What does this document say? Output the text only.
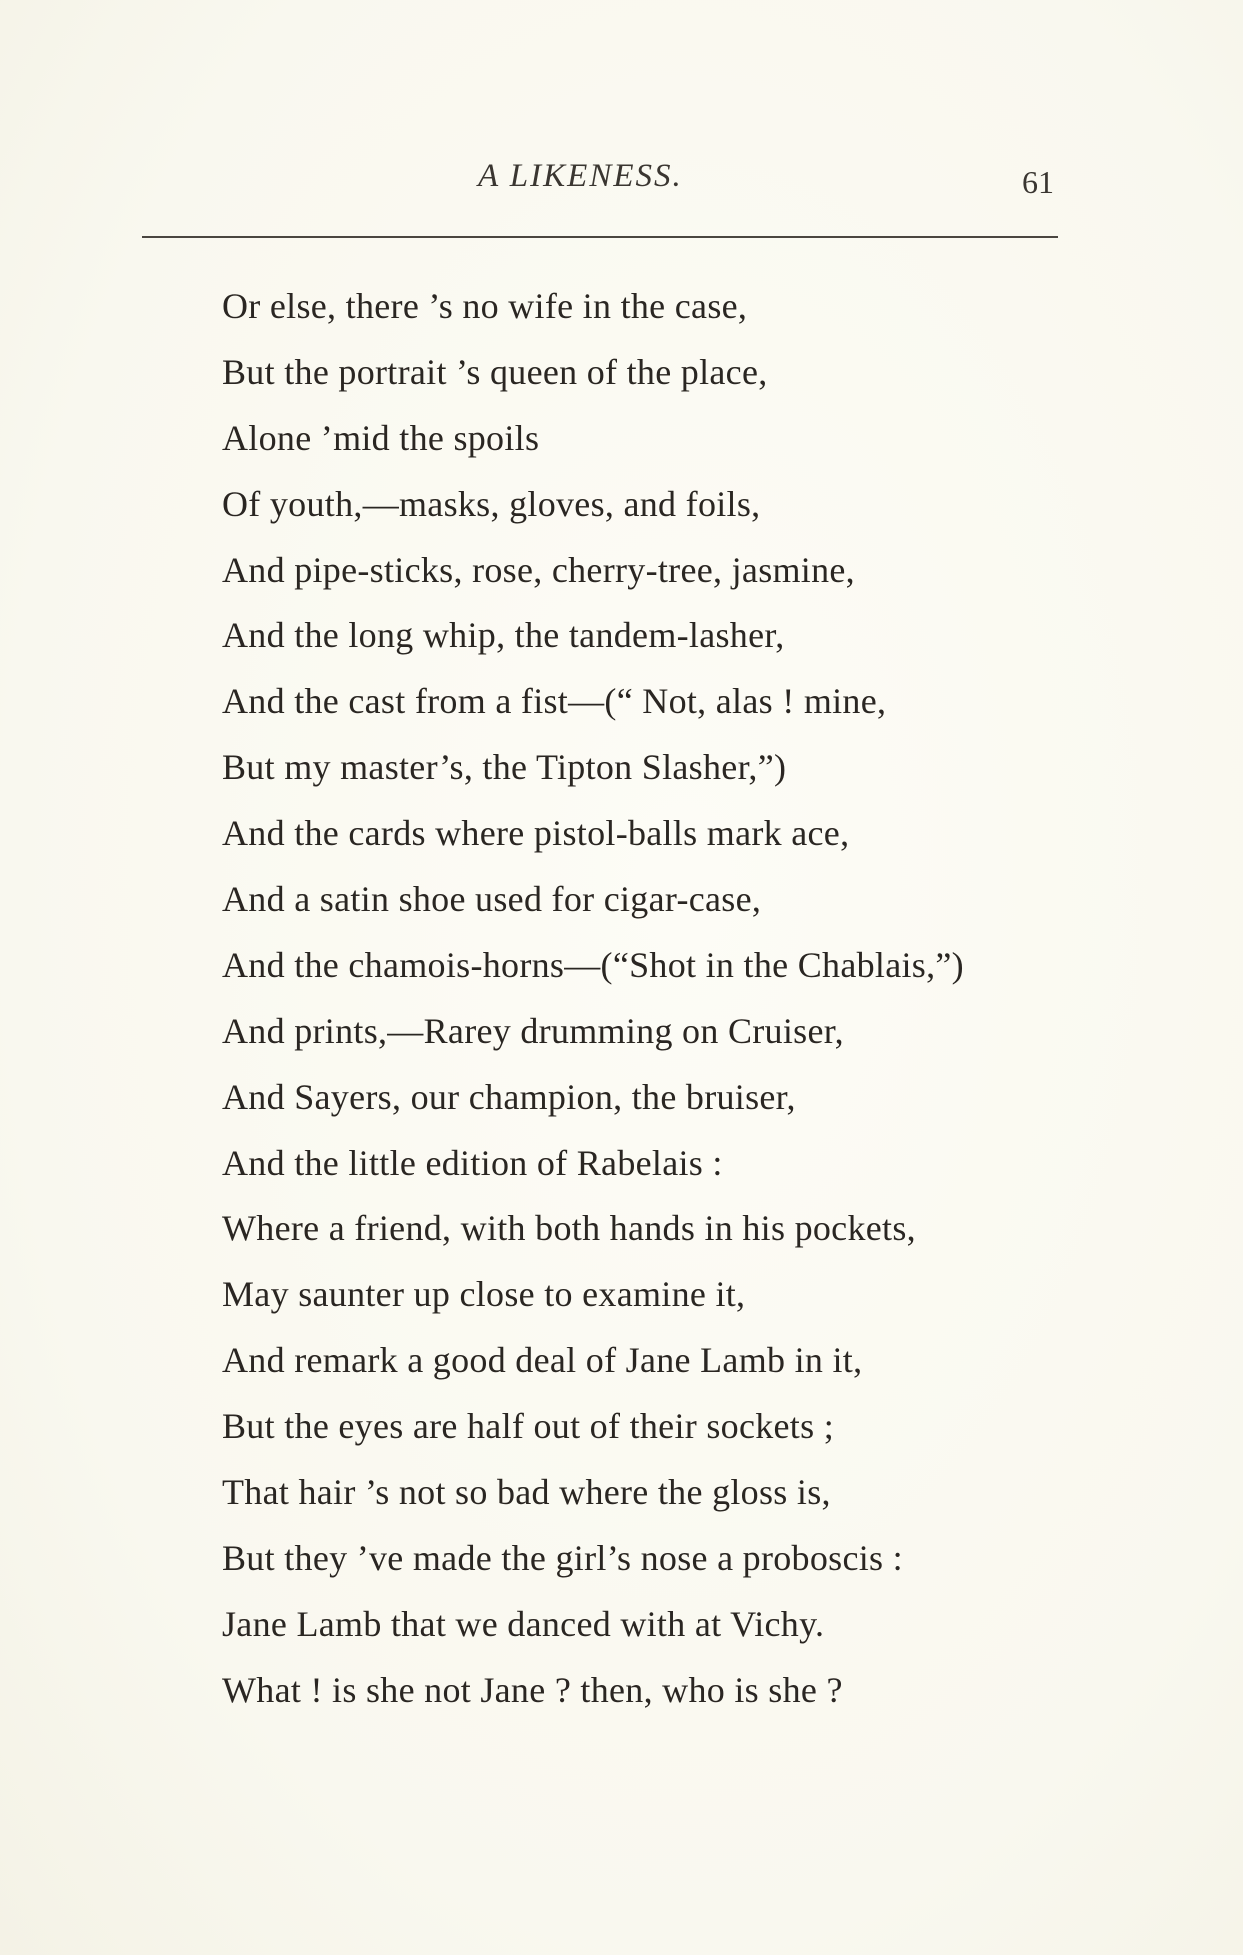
A LIKENESS.	61
Or else, there ’s no wife in the case,
But the portrait ’s queen of the place,
Alone ’mid the spoils
Of youth,—masks, gloves, and foils,
And pipe-sticks, rose, cherry-tree, jasmine,
And the long whip, the tandem-lasher,
And the cast from a fist—(“ Not, alas ! mine,
But my master’s, the Tipton Slasher,”)
And the cards where pistol-balls mark ace,
And a satin shoe used for cigar-case,
And the chamois-horns—(“Shot in the Chablais,”)
And prints,—Rarey drumming on Cruiser,
And Sayers, our champion, the bruiser,
And the little edition of Rabelais :
Where a friend, with both hands in his pockets,
May saunter up close to examine it,
And remark a good deal of Jane Lamb in it,
But the eyes are half out of their sockets ;
That hair ’s not so bad where the gloss is,
But they ’ve made the girl’s nose a proboscis :
Jane Lamb that we danced with at Vichy.
What ! is she not Jane ? then, who is she ?
